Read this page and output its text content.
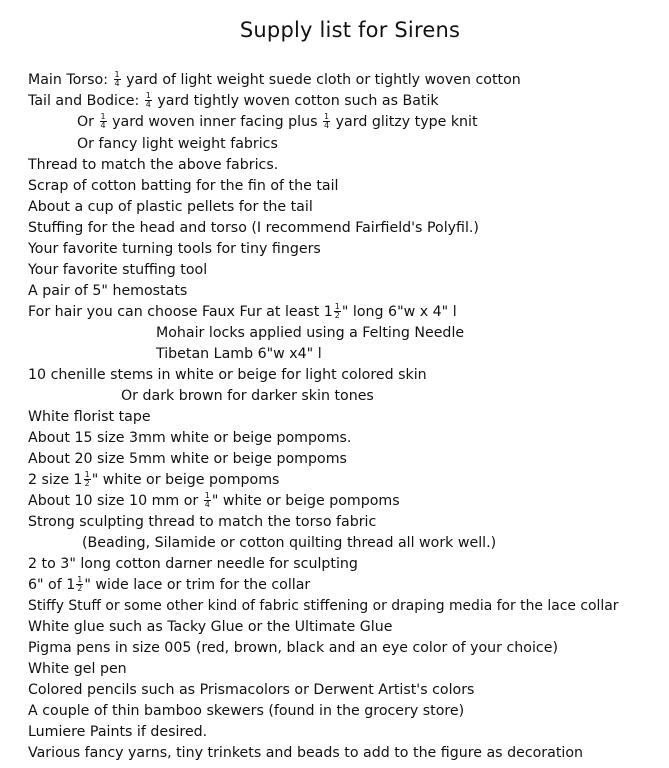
Supply list for Sirens
Main Torso: $\frac{1}{4}$ yard of light weight suede cloth or tightly woven cotton
Tail and Bodice: $\frac{1}{4}$ yard tightly woven cotton such as Batik
Or $\frac{1}{4}$ yard woven inner facing plus $\frac{1}{4}$ yard glitzy type knit
Or fancy light weight fabrics
Thread to match the above fabrics.
Scrap of cotton batting for the fin of the tail
About a cup of plastic pellets for the tail
Stuffing for the head and torso (I recommend Fairfield's Polyfil.)
Your favorite turning tools for tiny fingers
Your favorite stuffing tool
A pair of 5" hemostats
For hair you can choose Faux Fur at least $1 \frac{1}{2}$ " long 6"w x 4" l
Mohair locks applied using a Felting Needle
Tibetan Lamb 6"w x4" l
10 chenille stems in white or beige for light colored skin
Or dark brown for darker skin tones
White florist tape
About 15 size 3mm white or beige pompoms.
About 20 size 5mm white or beige pompoms
2 size $1 \frac{1}{2}$ " white or beige pompoms
About 10 size 10 mm or $\frac{1}{4}$ " white or beige pompoms
Strong sculpting thread to match the torso fabric
(Beading, Silamide or cotton quilting thread all work well.)
2 to 3" long cotton darner needle for sculpting
6" of $1 \frac{1}{2}$ " wide lace or trim for the collar
Stiffy Stuff or some other kind of fabric stiffening or draping media for the lace collar
White glue such as Tacky Glue or the Ultimate Glue
Pigma pens in size 005 (red, brown, black and an eye color of your choice)
White gel pen
Colored pencils such as Prismacolors or Derwent Artist's colors
A couple of thin bamboo skewers (found in the grocery store)
Lumiere Paints if desired.
Various fancy yarns, tiny trinkets and beads to add to the figure as decoration
